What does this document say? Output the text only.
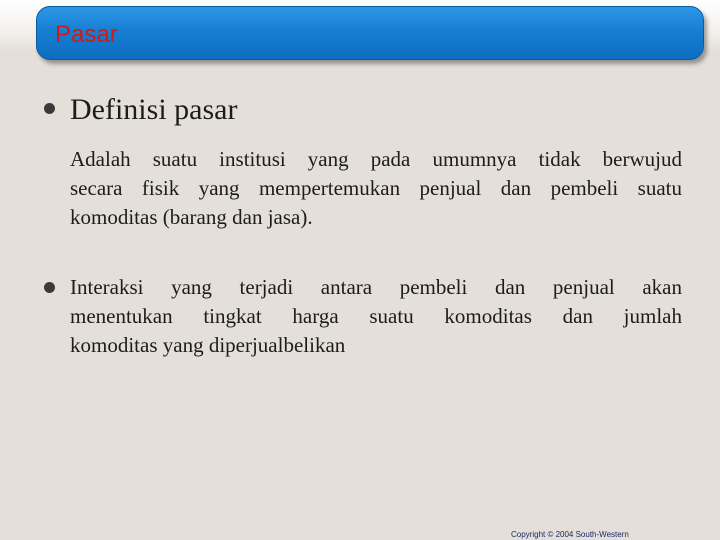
Pasar
Definisi pasar
Adalah suatu institusi yang pada umumnya tidak berwujud
secara fisik yang mempertemukan penjual dan pembeli suatu
komoditas (barang dan jasa).
Interaksi yang terjadi antara pembeli dan penjual akan
menentukan tingkat harga suatu komoditas dan jumlah
komoditas yang diperjualbelikan
Copyright © 2004 South-Western
